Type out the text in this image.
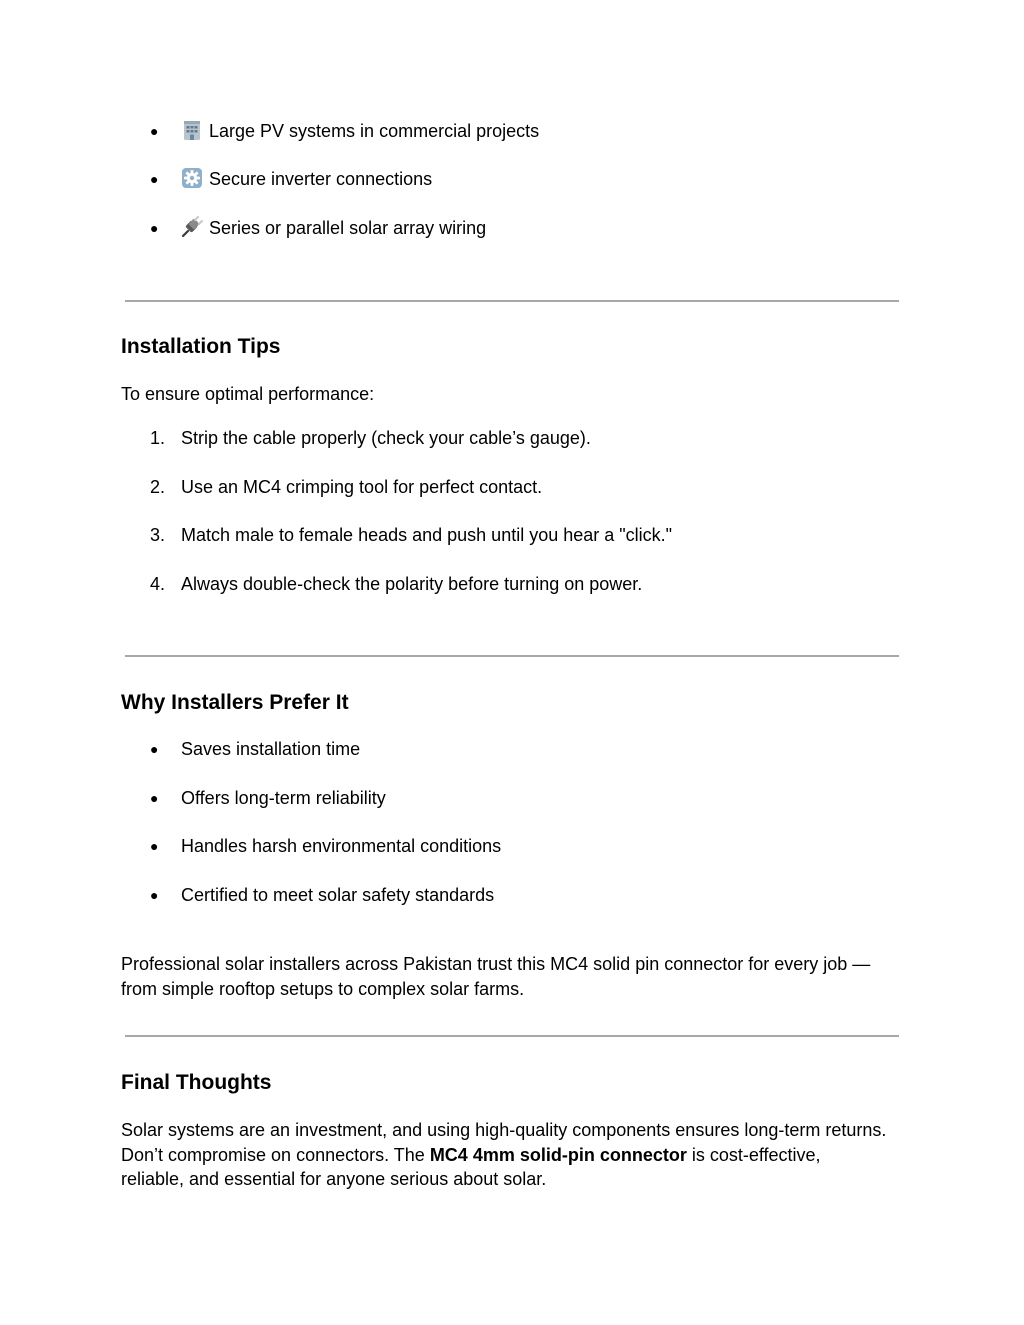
●	Large PV systems in commercial projects
●	Secure inverter connections
●	Series or parallel solar array wiring
Installation Tips

To ensure optimal performance:

1. Strip the cable properly (check your cable’s gauge).
2. Use an MC4 crimping tool for perfect contact.
3. Match male to female heads and push until you hear a "click."
4. Always double-check the polarity before turning on power.
Why Installers Prefer It
●	Saves installation time
●	Offers long-term reliability
●	Handles harsh environmental conditions
●	Certified to meet solar safety standards

Professional solar installers across Pakistan trust this MC4 solid pin connector for every job —
from simple rooftop setups to complex solar farms.

Final Thoughts

Solar systems are an investment, and using high-quality components ensures long-term returns.
Don’t compromise on connectors. The MC4 4mm solid-pin connector is cost-effective,
reliable, and essential for anyone serious about solar.
